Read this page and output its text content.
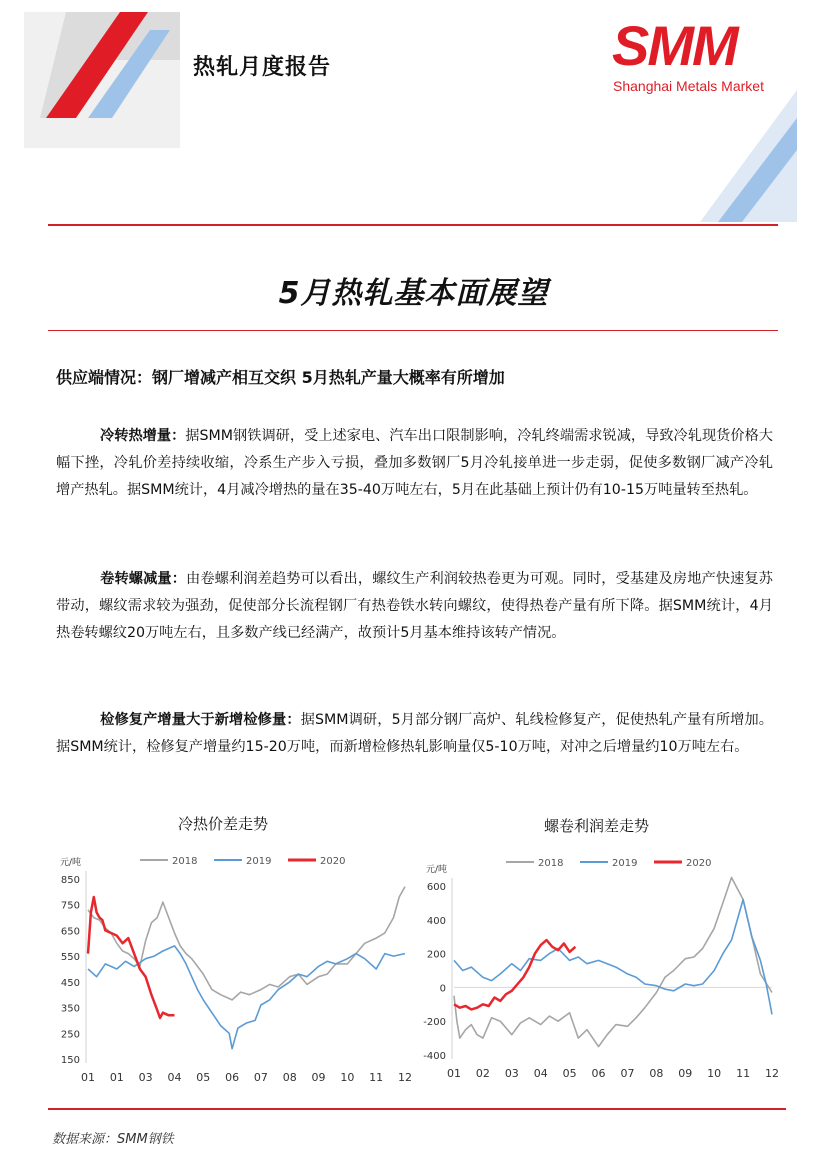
热轧月度报告	SMM
Shanghai Metals Market
5月热轧基本面展望
供应端情况：钢厂增减产相互交织 5月热轧产量大概率有所增加
冷转热增量：据SMM钢铁调研，受上述家电、汽车出口限制影响，冷轧终端需求锐减，导致冷轧现货价格大幅下挫，冷轧价差持续收缩，冷系生产步入亏损，叠加多数钢厂5月冷轧接单进一步走弱，促使多数钢厂减产冷轧增产热轧。据SMM统计，4月减冷增热的量在35-40万吨左右，5月在此基础上预计仍有10-15万吨量转至热轧。
卷转螺减量：由卷螺利润差趋势可以看出，螺纹生产利润较热卷更为可观。同时，受基建及房地产快速复苏带动，螺纹需求较为强劲，促使部分长流程钢厂有热卷铁水转向螺纹，使得热卷产量有所下降。据SMM统计，4月热卷转螺纹20万吨左右，且多数产线已经满产，故预计5月基本维持该转产情况。
检修复产增量大于新增检修量：据SMM调研，5月部分钢厂高炉、轧线检修复产，促使热轧产量有所增加。据SMM统计，检修复产增量约15-20万吨，而新增检修热轧影响量仅5-10万吨，对冲之后增量约10万吨左右。
冷热价差走势	螺卷利润差走势
元/吨
850
750
650
550
450
350
250
150
01 01 03 04 05 06 07 08 09 10 11 12
2018	2019	2020
元/吨
600
400
200
0
-200
-400
01 02 03 04 05 06 07 08 09 10 11 12
2018	2019	2020
数据来源：SMM钢铁
